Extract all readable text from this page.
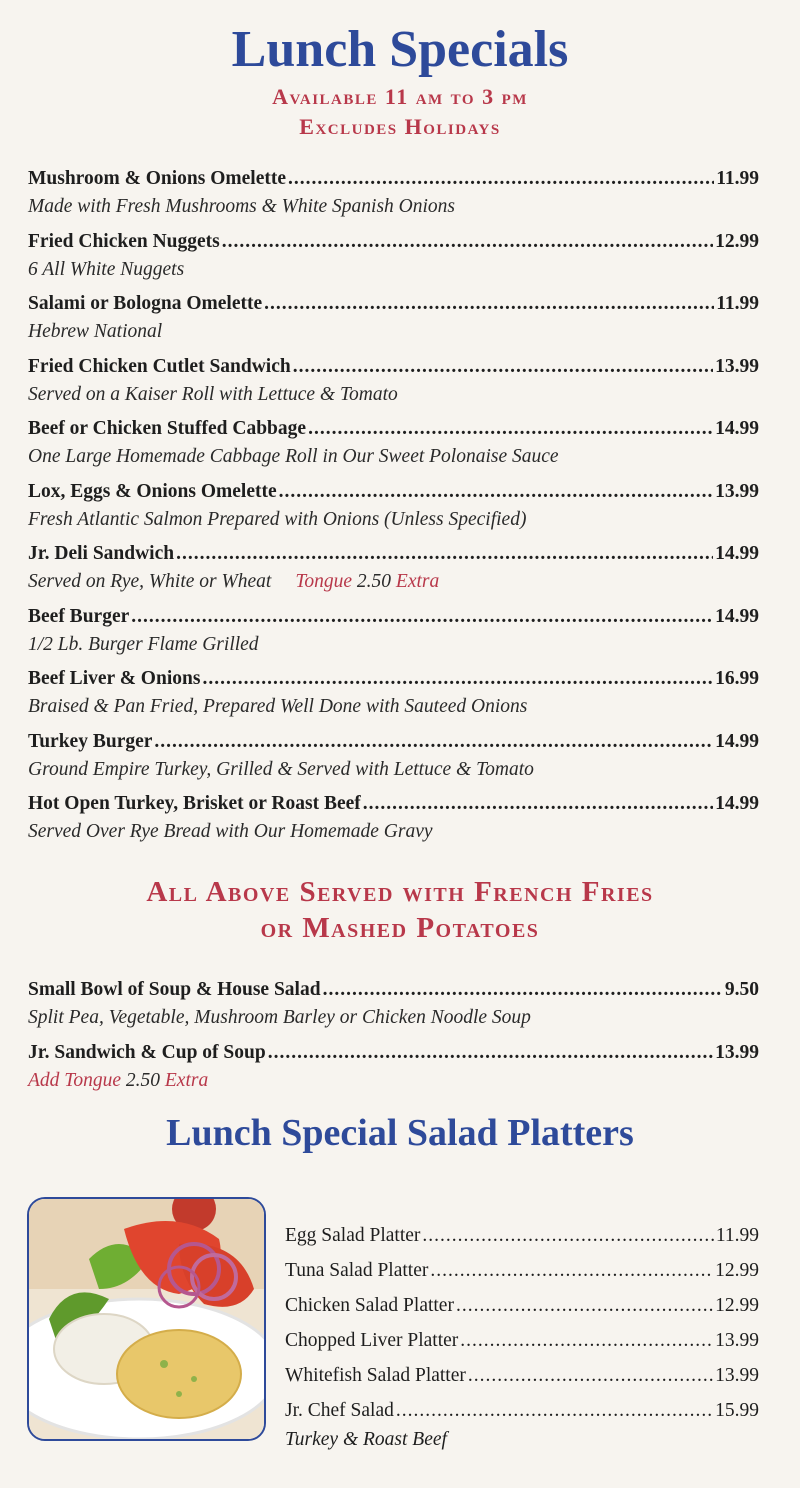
Lunch Specials
Available 11 am to 3 pm
Excludes Holidays
Mushroom & Onions Omelette .....	11.99
Made with Fresh Mushrooms & White Spanish Onions
Fried Chicken Nuggets .....	12.99
6 All White Nuggets
Salami or Bologna Omelette .....	11.99
Hebrew National
Fried Chicken Cutlet Sandwich .....	13.99
Served on a Kaiser Roll with Lettuce & Tomato
Beef or Chicken Stuffed Cabbage .....	14.99
One Large Homemade Cabbage Roll in Our Sweet Polonaise Sauce
Lox, Eggs & Onions Omelette .....	13.99
Fresh Atlantic Salmon Prepared with Onions (Unless Specified)
Jr. Deli Sandwich .....	14.99
Served on Rye, White or Wheat Tongue 2.50 Extra
Beef Burger .....	14.99
1/2 Lb. Burger Flame Grilled
Beef Liver & Onions .....	16.99
Braised & Pan Fried, Prepared Well Done with Sauteed Onions
Turkey Burger .....	14.99
Ground Empire Turkey, Grilled & Served with Lettuce & Tomato
Hot Open Turkey, Brisket or Roast Beef .....	14.99
Served Over Rye Bread with Our Homemade Gravy
All Above Served with French Fries
or Mashed Potatoes
Small Bowl of Soup & House Salad .....	9.50
Split Pea, Vegetable, Mushroom Barley or Chicken Noodle Soup
Jr. Sandwich & Cup of Soup .....	13.99
Add Tongue 2.50 Extra
Lunch Special Salad Platters
Egg Salad Platter .....	11.99
Tuna Salad Platter .....	12.99
Chicken Salad Platter .....	12.99
Chopped Liver Platter .....	13.99
Whitefish Salad Platter .....	13.99
Jr. Chef Salad .....	15.99
Turkey & Roast Beef
